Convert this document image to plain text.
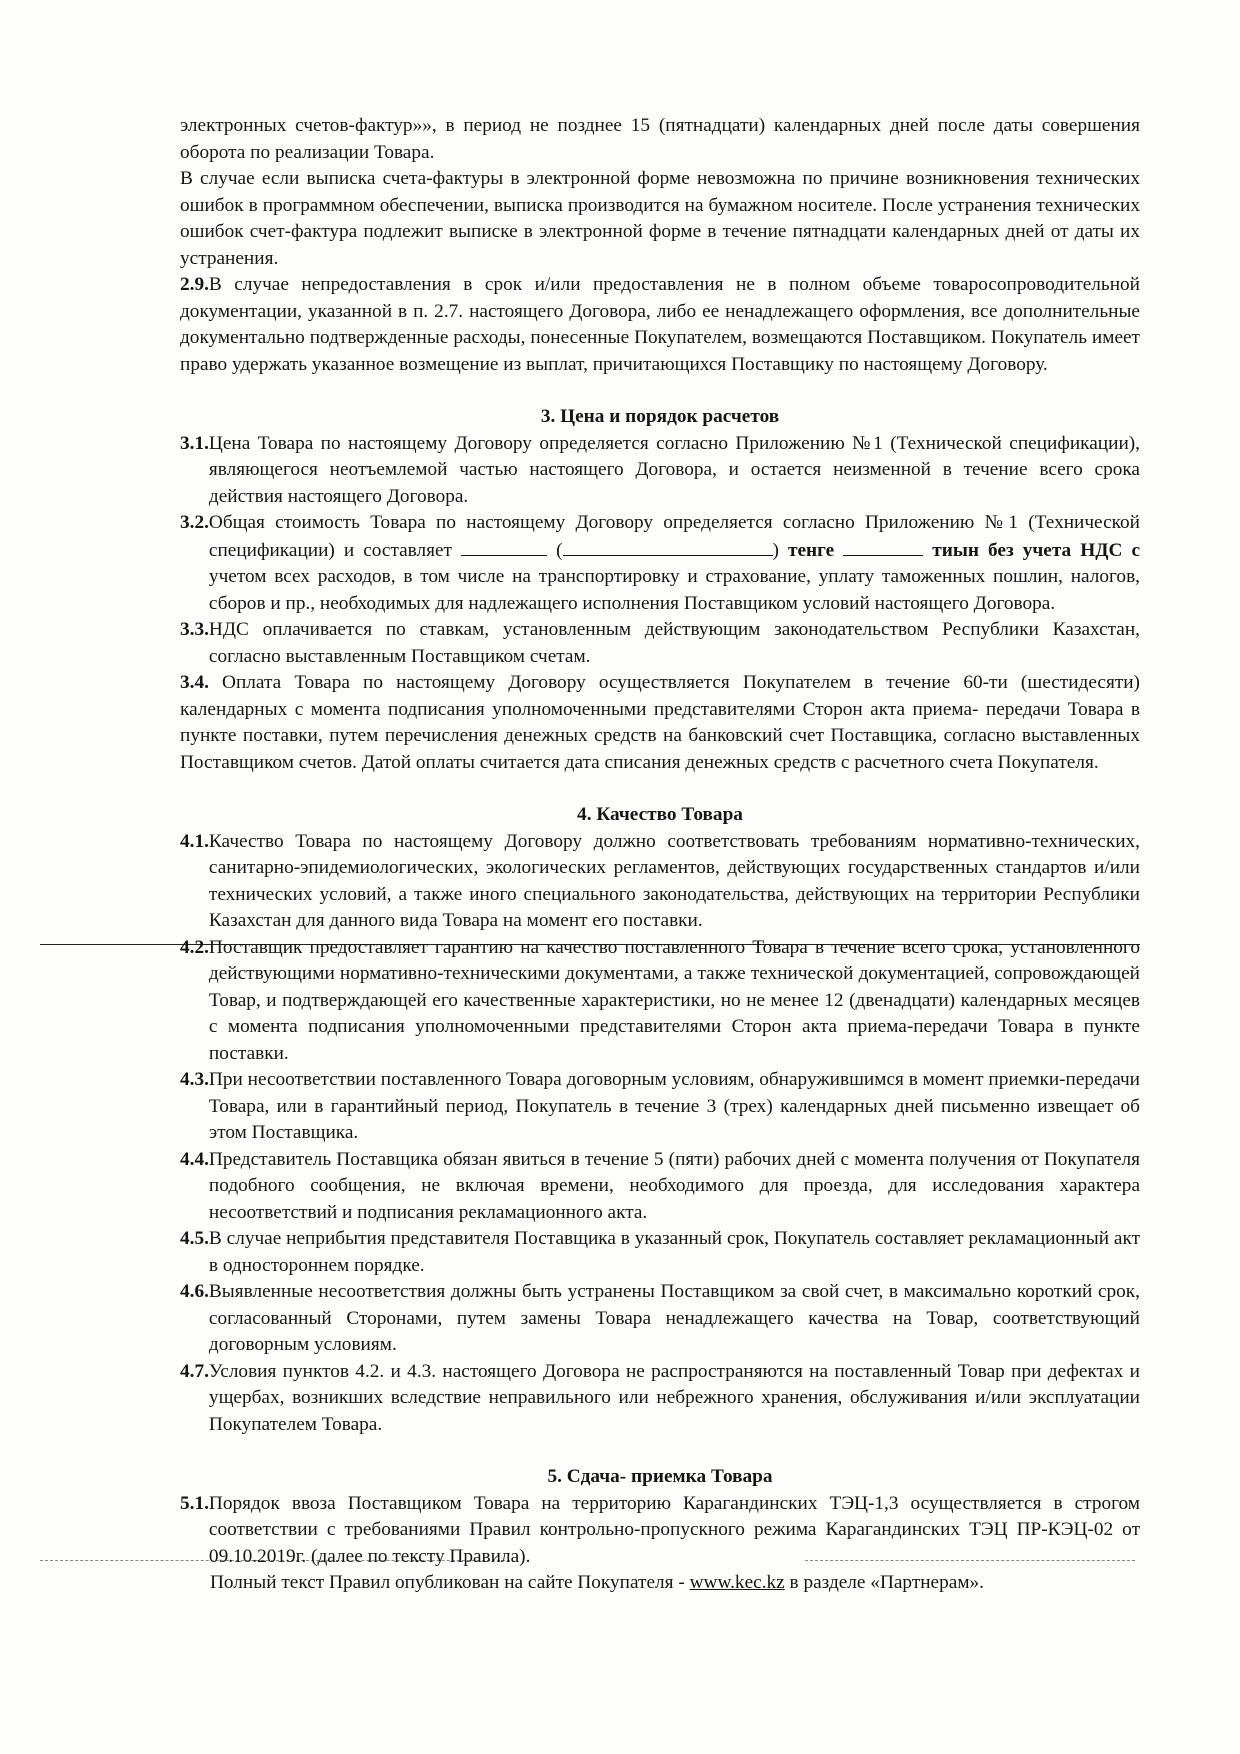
электронных счетов-фактур»», в период не позднее 15 (пятнадцати) календарных дней после даты совершения оборота по реализации Товара.

В случае если выписка счета-фактуры в электронной форме невозможна по причине возникновения технических ошибок в программном обеспечении, выписка производится на бумажном носителе. После устранения технических ошибок счет-фактура подлежит выписке в электронной форме в течение пятнадцати календарных дней от даты их устранения.

2.9.В случае непредоставления в срок и/или предоставления не в полном объеме товаросопроводительной документации, указанной в п. 2.7. настоящего Договора, либо ее ненадлежащего оформления, все дополнительные документально подтвержденные расходы, понесенные Покупателем, возмещаются Поставщиком. Покупатель имеет право удержать указанное возмещение из выплат, причитающихся Поставщику по настоящему Договору.

3. Цена и порядок расчетов

3.1. Цена Товара по настоящему Договору определяется согласно Приложению №1 (Технической спецификации), являющегося неотъемлемой частью настоящего Договора, и остается неизменной в течение всего срока действия настоящего Договора.
3.2. Общая стоимость Товара по настоящему Договору определяется согласно Приложению №1 (Технической спецификации) и составляет	(	) тенге	тиын без учета НДС с учетом всех расходов, в том числе на транспортировку и страхование, уплату таможенных пошлин, налогов, сборов и пр., необходимых для надлежащего исполнения Поставщиком условий настоящего Договора.
3.3. НДС оплачивается по ставкам, установленным действующим законодательством Республики Казахстан, согласно выставленным Поставщиком счетам.

3.4. Оплата Товара по настоящему Договору осуществляется Покупателем в течение 60-ти (шестидесяти) календарных с момента подписания уполномоченными представителями Сторон акта приема- передачи Товара в пункте поставки, путем перечисления денежных средств на банковский счет Поставщика, согласно выставленных Поставщиком счетов. Датой оплаты считается дата списания денежных средств с расчетного счета Покупателя.

4. Качество Товара

4.1. Качество Товара по настоящему Договору должно соответствовать требованиям нормативно-технических, санитарно-эпидемиологических, экологических регламентов, действующих государственных стандартов и/или технических условий, а также иного специального законодательства, действующих на территории Республики Казахстан для данного вида Товара на момент его поставки.
4.2. Поставщик предоставляет гарантию на качество поставленного Товара в течение всего срока, установленного действующими нормативно-техническими документами, а также технической документацией, сопровождающей Товар, и подтверждающей его качественные характеристики, но не менее 12 (двенадцати) календарных месяцев с момента подписания уполномоченными представителями Сторон акта приема-передачи Товара в пункте поставки.
4.3. При несоответствии поставленного Товара договорным условиям, обнаружившимся в момент приемки-передачи Товара, или в гарантийный период, Покупатель в течение 3 (трех) календарных дней письменно извещает об этом Поставщика.
4.4. Представитель Поставщика обязан явиться в течение 5 (пяти) рабочих дней с момента получения от Покупателя подобного сообщения, не включая времени, необходимого для проезда, для исследования характера несоответствий и подписания рекламационного акта.
4.5. В случае неприбытия представителя Поставщика в указанный срок, Покупатель составляет рекламационный акт в одностороннем порядке.
4.6. Выявленные несоответствия должны быть устранены Поставщиком за свой счет, в максимально короткий срок, согласованный Сторонами, путем замены Товара ненадлежащего качества на Товар, соответствующий договорным условиям.
4.7. Условия пунктов 4.2. и 4.3. настоящего Договора не распространяются на поставленный Товар при дефектах и ущербах, возникших вследствие неправильного или небрежного хранения, обслуживания и/или эксплуатации Покупателем Товара.

5. Сдача- приемка Товара

5.1. Порядок ввоза Поставщиком Товара на территорию Карагандинских ТЭЦ-1,3 осуществляется в строгом соответствии с требованиями Правил контрольно-пропускного режима Карагандинских ТЭЦ ПР-КЭЦ-02 от 09.10.2019г. (далее по тексту Правила).

Полный текст Правил опубликован на сайте Покупателя - www.kec.kz в разделе «Партнерам».
